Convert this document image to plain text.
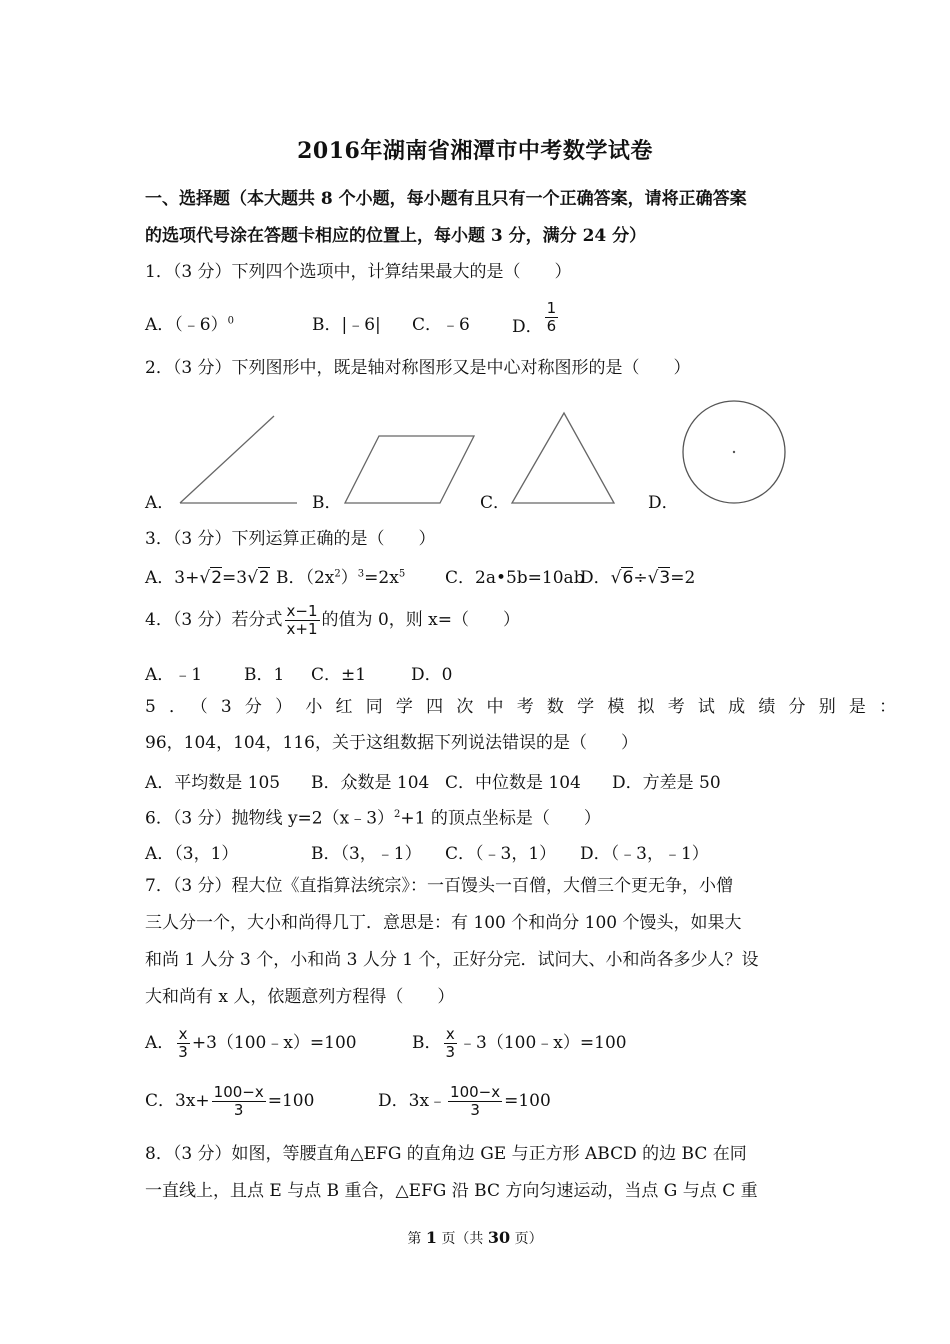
2016年湖南省湘潭市中考数学试卷
一、选择题（本大题共 8 个小题，每小题有且只有一个正确答案，请将正确答案
的选项代号涂在答题卡相应的位置上，每小题 3 分，满分 24 分）
1．（3 分）下列四个选项中，计算结果最大的是（　　）
A．（﹣6）$^0$	B．|﹣6| C．﹣6 D． $\frac{1}{6}$
2．（3 分）下列图形中，既是轴对称图形又是中心对称图形的是（　　）
A．	B．	C．	D．
3．（3 分）下列运算正确的是（　　）
A．3+√2=3√2 B．$(2x^2)^3=2x^5$ C．2a•5b=10ab
D．√6÷√3=2
4．（3 分）若分式 $\frac{x-1}{x+1}$ 的值为 0，则 x=（　　）
A．﹣1 B．1 C．±1	D．0
5．（3分）小红同学四次中考数学模拟考试成绩分别是：
96，104，104，116，关于这组数据下列说法错误的是（　　）
A．平均数是 105 B．众数是 104 C．中位数是 104 D．方差是 50
6．（3 分）抛物线 y=2（x﹣3）$^2$+1 的顶点坐标是（　　）
A．（3，1）	B．（3，﹣1） C．（﹣3，1） D．（﹣3，﹣1）
7．（3 分）程大位《直指算法统宗》：一百馒头一百僧，大僧三个更无争，小僧
三人分一个，大小和尚得几丁．意思是：有 100 个和尚分 100 个馒头，如果大
和尚 1 人分 3 个，小和尚 3 人分 1 个，正好分完．试问大、小和尚各多少人？设
大和尚有 x 人，依题意列方程得（　　）
A． $\frac{x}{3}$ +3（100﹣x）=100	B． $\frac{x}{3}$ ﹣3（100﹣x）=100
C．$3x+ \frac{100-x}{3} =100$	D．3x﹣ $\frac{100-x}{3} =100$
8．（3 分）如图，等腰直角△EFG 的直角边 GE 与正方形 ABCD 的边 BC 在同
一直线上，且点 E 与点 B 重合，△EFG 沿 BC 方向匀速运动，当点 G 与点 C 重
第 1 页（共 30 页）
